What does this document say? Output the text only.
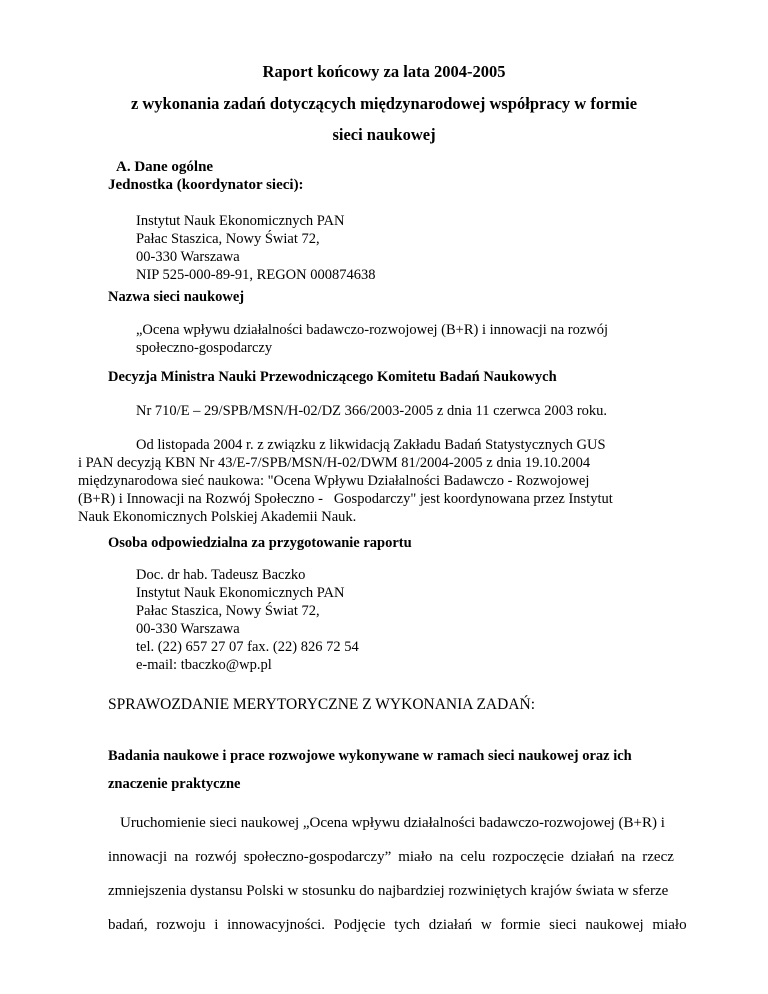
Raport końcowy za lata 2004-2005
z wykonania zadań dotyczących międzynarodowej współpracy w formie
sieci naukowej
A. Dane ogólne
Jednostka (koordynator sieci):
Instytut Nauk Ekonomicznych PAN
Pałac Staszica, Nowy Świat 72,
00-330 Warszawa
NIP 525-000-89-91, REGON 000874638
Nazwa sieci naukowej
„Ocena wpływu działalności badawczo-rozwojowej (B+R) i innowacji na rozwój
społeczno-gospodarczy
Decyzja Ministra Nauki Przewodniczącego Komitetu Badań Naukowych
Nr 710/E – 29/SPB/MSN/H-02/DZ 366/2003-2005 z dnia 11 czerwca 2003 roku.
Od listopada 2004 r. z związku z likwidacją Zakładu Badań Statystycznych GUS
i PAN decyzją KBN Nr 43/E-7/SPB/MSN/H-02/DWM 81/2004-2005 z dnia 19.10.2004
międzynarodowa sieć naukowa: "Ocena Wpływu Działalności Badawczo - Rozwojowej
(B+R) i Innowacji na Rozwój Społeczno -   Gospodarczy" jest koordynowana przez Instytut
Nauk Ekonomicznych Polskiej Akademii Nauk.
Osoba odpowiedzialna za przygotowanie raportu
Doc. dr hab. Tadeusz Baczko
Instytut Nauk Ekonomicznych PAN
Pałac Staszica, Nowy Świat 72,
00-330 Warszawa
tel. (22) 657 27 07 fax. (22) 826 72 54
e-mail: tbaczko@wp.pl
SPRAWOZDANIE MERYTORYCZNE Z WYKONANIA ZADAŃ:
Badania naukowe i prace rozwojowe wykonywane w ramach sieci naukowej oraz ich
znaczenie praktyczne
Uruchomienie sieci naukowej „Ocena wpływu działalności badawczo-rozwojowej (B+R) i
innowacji na rozwój społeczno-gospodarczy” miało na celu rozpoczęcie działań na rzecz
zmniejszenia dystansu Polski w stosunku do najbardziej rozwiniętych krajów świata w sferze
badań, rozwoju i innowacyjności. Podjęcie tych działań w formie sieci naukowej miało
